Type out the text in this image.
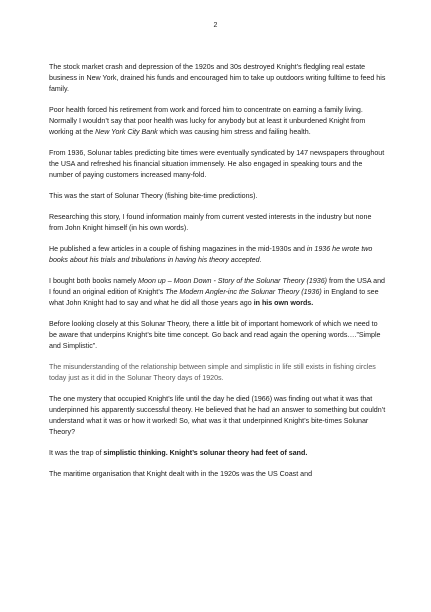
2

The stock market crash and depression of the 1920s and 30s destroyed Knight’s fledgling real estate business in New York, drained his funds and encouraged him to take up outdoors writing fulltime to feed his family.

Poor health forced his retirement from work and forced him to concentrate on earning a family living. Normally I wouldn’t say that poor health was lucky for anybody but at least it unburdened Knight from working at the New York City Bank which was causing him stress and failing health.

From 1936, Solunar tables predicting bite times were eventually syndicated by 147 newspapers throughout the USA and refreshed his financial situation immensely. He also engaged in speaking tours and the number of paying customers increased many-fold.

This was the start of Solunar Theory (fishing bite-time predictions).

Researching this story, I found information mainly from current vested interests in the industry but none from John Knight himself (in his own words).

He published a few articles in a couple of fishing magazines in the mid-1930s and in 1936 he wrote two books about his trials and tribulations in having his theory accepted.

I bought both books namely Moon up – Moon Down - Story of the Solunar Theory (1936) from the USA and I found an original edition of Knight’s The Modern Angler-inc the Solunar Theory (1936) in England to see what John Knight had to say and what he did all those years ago in his own words.

Before looking closely at this Solunar Theory, there a little bit of important homework of which we need to be aware that underpins Knight’s bite time concept. Go back and read again the opening words….”Simple and Simplistic”.

The misunderstanding of the relationship between simple and simplistic in life still exists in fishing circles today just as it did in the Solunar Theory days of 1920s.

The one mystery that occupied Knight’s life until the day he died (1966) was finding out what it was that underpinned his apparently successful theory. He believed that he had an answer to something but couldn’t understand what it was or how it worked! So, what was it that underpinned Knight’s bite-times Solunar Theory?

It was the trap of simplistic thinking. Knight’s solunar theory had feet of sand.

The maritime organisation that Knight dealt with in the 1920s was the US Coast and
